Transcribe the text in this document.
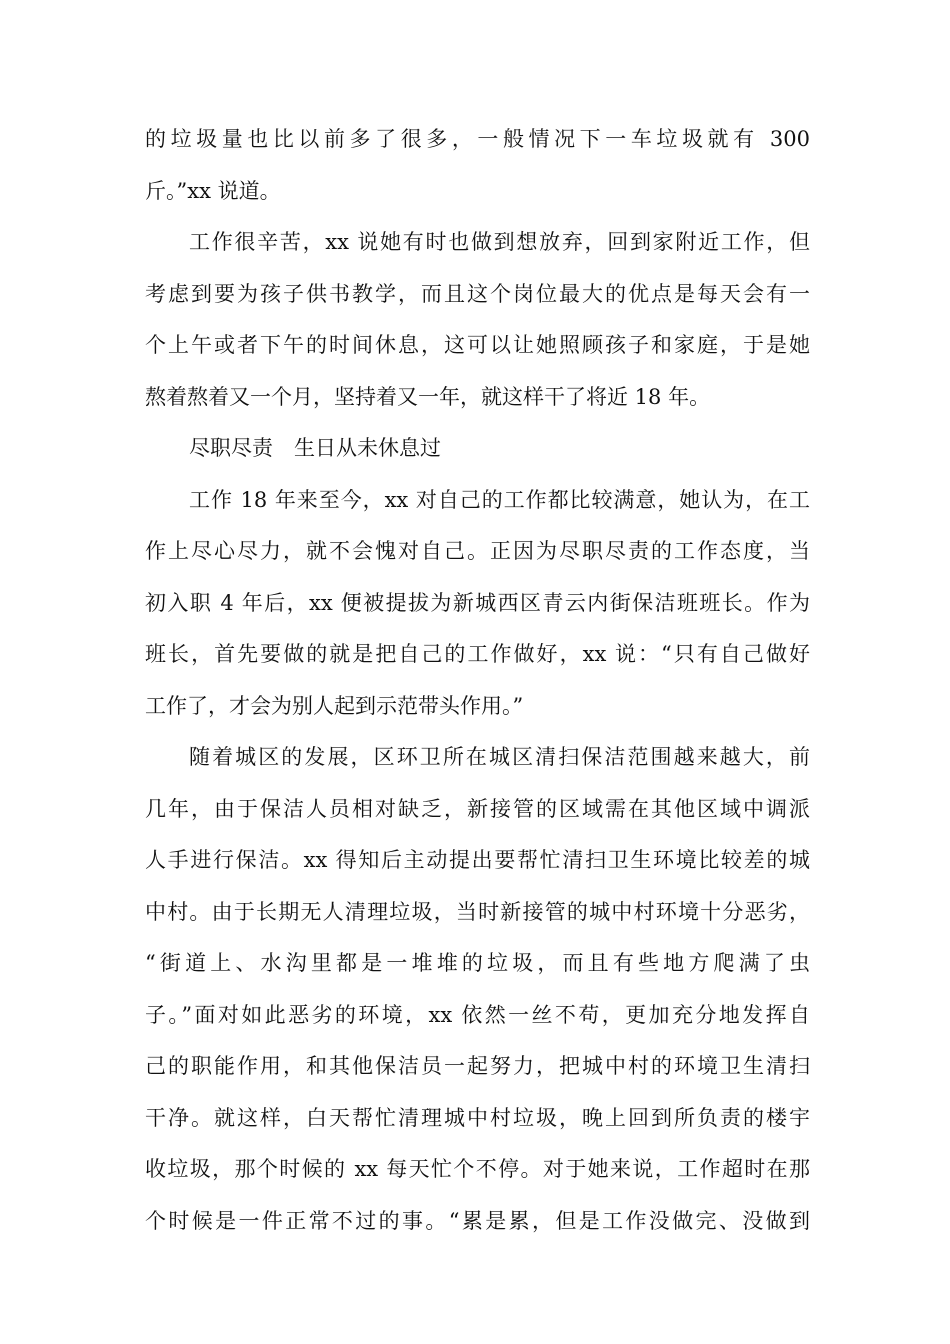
的垃圾量也比以前多了很多，一般情况下一车垃圾就有 300
斤。”xx 说道。
工作很辛苦，xx 说她有时也做到想放弃，回到家附近工作，但
考虑到要为孩子供书教学，而且这个岗位最大的优点是每天会有一
个上午或者下午的时间休息，这可以让她照顾孩子和家庭，于是她
熬着熬着又一个月，坚持着又一年，就这样干了将近 18 年。
尽职尽责　生日从未休息过
工作 18 年来至今，xx 对自己的工作都比较满意，她认为，在工
作上尽心尽力，就不会愧对自己。正因为尽职尽责的工作态度，当
初入职 4 年后，xx 便被提拔为新城西区青云内街保洁班班长。作为
班长，首先要做的就是把自己的工作做好，xx 说：“只有自己做好
工作了，才会为别人起到示范带头作用。”
随着城区的发展，区环卫所在城区清扫保洁范围越来越大，前
几年，由于保洁人员相对缺乏，新接管的区域需在其他区域中调派
人手进行保洁。xx 得知后主动提出要帮忙清扫卫生环境比较差的城
中村。由于长期无人清理垃圾，当时新接管的城中村环境十分恶劣，
“街道上、水沟里都是一堆堆的垃圾，而且有些地方爬满了虫
子。”面对如此恶劣的环境，xx 依然一丝不苟，更加充分地发挥自
己的职能作用，和其他保洁员一起努力，把城中村的环境卫生清扫
干净。就这样，白天帮忙清理城中村垃圾，晚上回到所负责的楼宇
收垃圾，那个时候的 xx 每天忙个不停。对于她来说，工作超时在那
个时候是一件正常不过的事。“累是累，但是工作没做完、没做到
